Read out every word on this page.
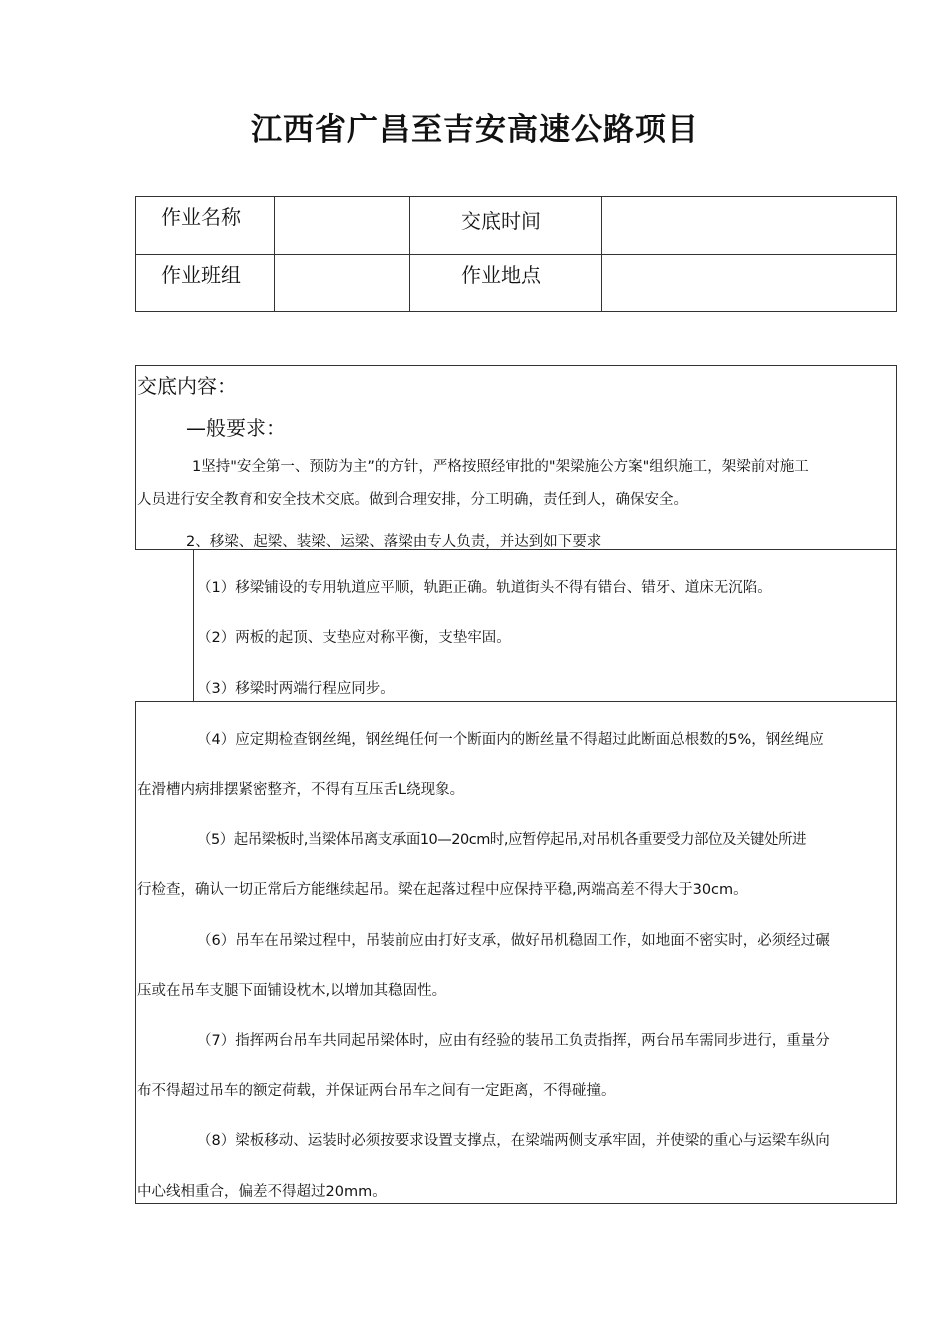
江西省广昌至吉安高速公路项目
作业名称	交底时间
作业班组	作业地点
交底内容：
—般要求：
1坚持"安全第一、预防为主”的方针，严格按照经审批的"架梁施公方案"组织施工，架梁前对施工
人员进行安全教育和安全技术交底。做到合理安排，分工明确，责任到人，确保安全。
2、移梁、起梁、装梁、运梁、落梁由专人负责，并达到如下要求
（1）移梁铺设的专用轨道应平顺，轨距正确。轨道街头不得有错台、错牙、道床无沉陷。
（2）两板的起顶、支垫应对称平衡，支垫牢固。
（3）移梁时两端行程应同步。
（4）应定期检查钢丝绳，钢丝绳任何一个断面内的断丝量不得超过此断面总根数的5%，钢丝绳应
在滑槽内病排摆紧密整齐，不得有互压舌L绕现象。
（5）起吊梁板时,当梁体吊离支承面10—20cm时,应暂停起吊,对吊机各重要受力部位及关键处所进
行检查，确认一切正常后方能继续起吊。梁在起落过程中应保持平稳,两端高差不得大于30cm。
（6）吊车在吊梁过程中，吊装前应由打好支承，做好吊机稳固工作，如地面不密实时，必须经过碾
压或在吊车支腿下面铺设枕木,以增加其稳固性。
（7）指挥两台吊车共同起吊梁体时，应由有经验的装吊工负责指挥，两台吊车需同步进行，重量分
布不得超过吊车的额定荷载，并保证两台吊车之间有一定距离，不得碰撞。
（8）梁板移动、运装时必须按要求设置支撑点，在梁端两侧支承牢固，并使梁的重心与运梁车纵向
中心线相重合，偏差不得超过20mm。
